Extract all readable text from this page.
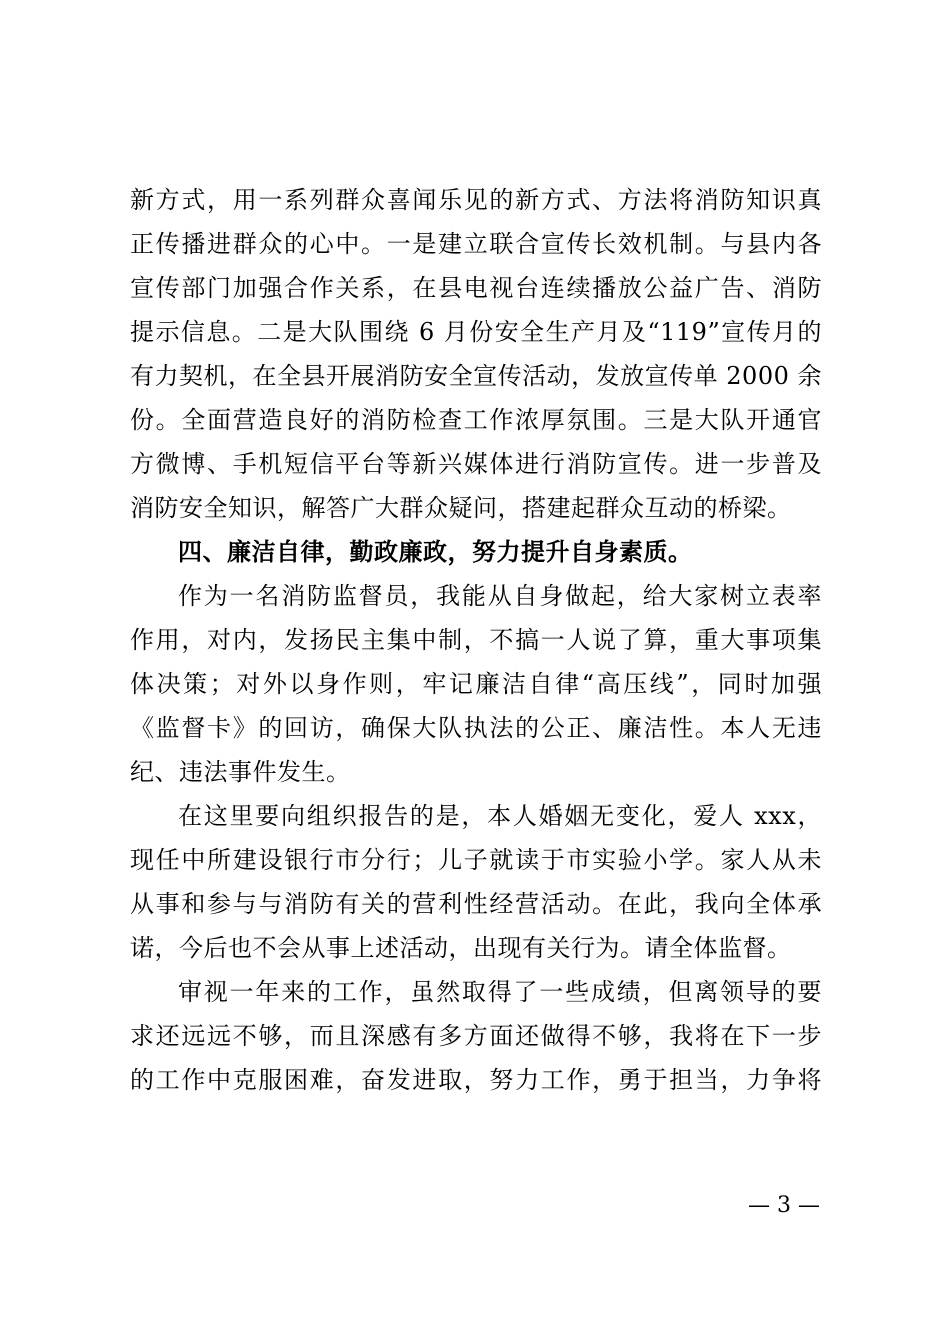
新方式，用一系列群众喜闻乐见的新方式、方法将消防知识真
正传播进群众的心中。一是建立联合宣传长效机制。与县内各
宣传部门加强合作关系，在县电视台连续播放公益广告、消防
提示信息。二是大队围绕 6 月份安全生产月及“119”宣传月的
有力契机，在全县开展消防安全宣传活动，发放宣传单 2000 余
份。全面营造良好的消防检查工作浓厚氛围。三是大队开通官
方微博、手机短信平台等新兴媒体进行消防宣传。进一步普及
消防安全知识，解答广大群众疑问，搭建起群众互动的桥梁。
四、廉洁自律，勤政廉政，努力提升自身素质。
作为一名消防监督员，我能从自身做起，给大家树立表率
作用，对内，发扬民主集中制，不搞一人说了算，重大事项集
体决策；对外以身作则，牢记廉洁自律“高压线”，同时加强
《监督卡》的回访，确保大队执法的公正、廉洁性。本人无违
纪、违法事件发生。
在这里要向组织报告的是，本人婚姻无变化，爱人 xxx，
现任中所建设银行市分行；儿子就读于市实验小学。家人从未
从事和参与与消防有关的营利性经营活动。在此，我向全体承
诺，今后也不会从事上述活动，出现有关行为。请全体监督。
审视一年来的工作，虽然取得了一些成绩，但离领导的要
求还远远不够，而且深感有多方面还做得不够，我将在下一步
的工作中克服困难，奋发进取，努力工作，勇于担当，力争将
— 3 —
